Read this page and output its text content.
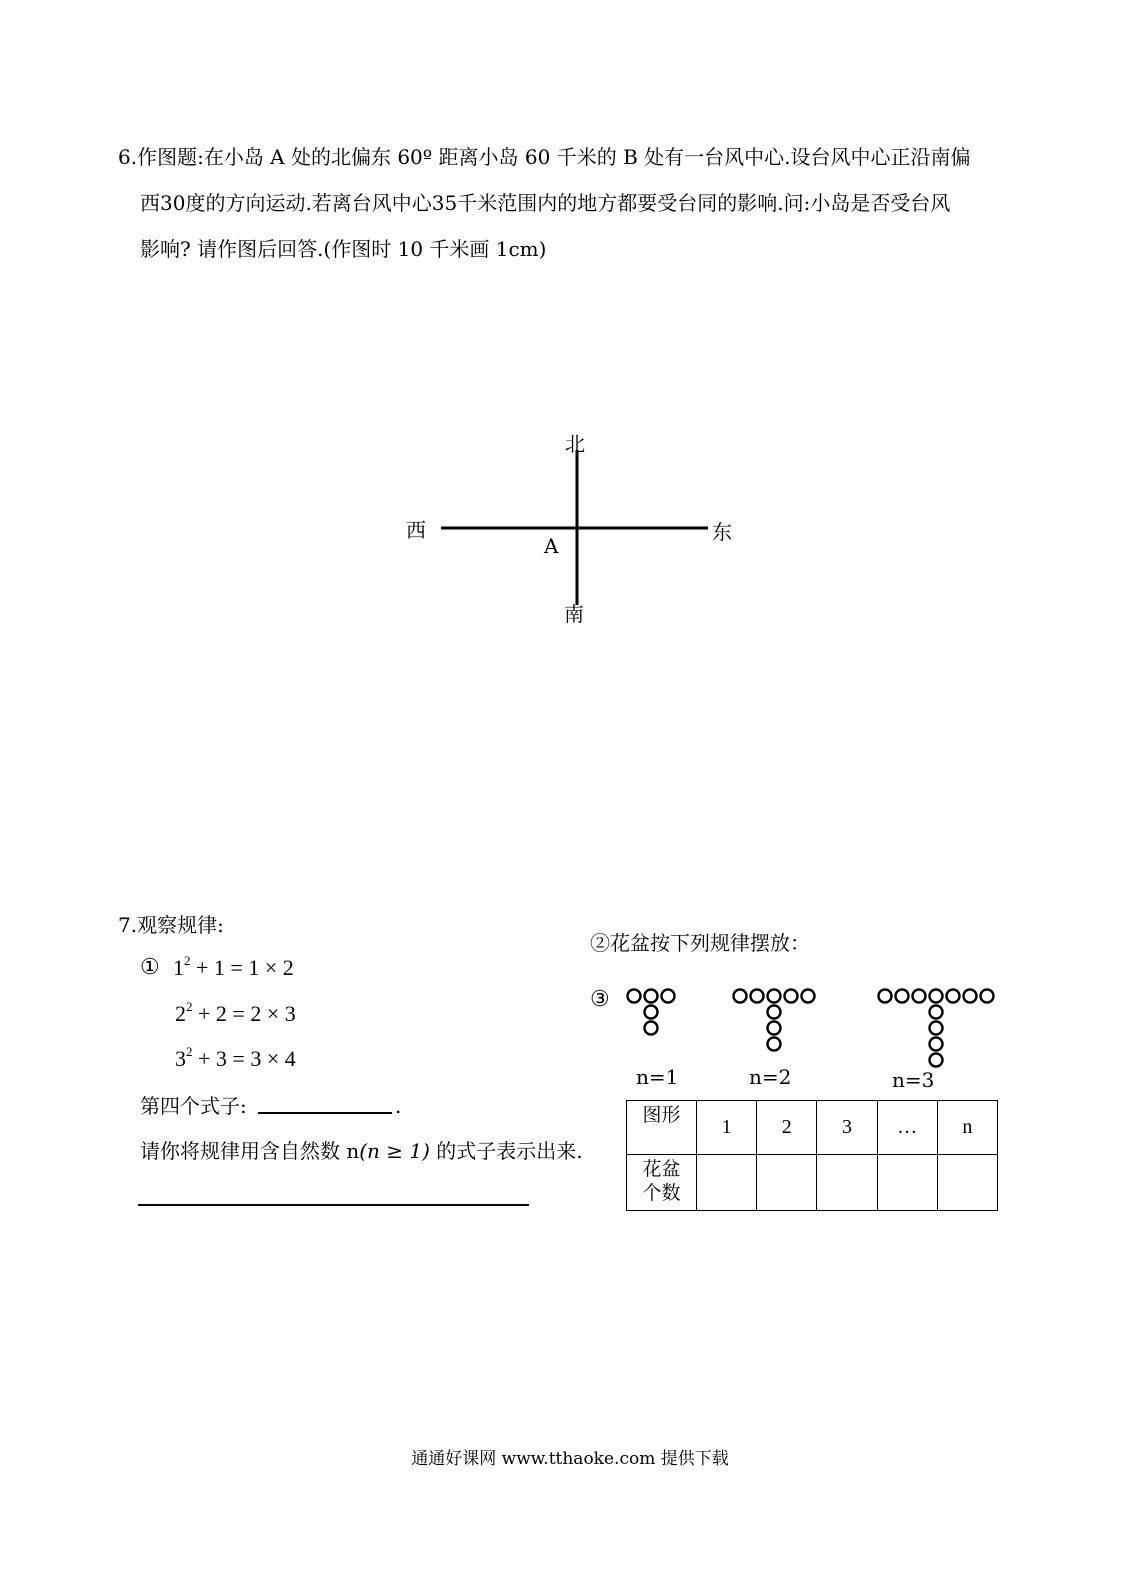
6.作图题:在小岛 A 处的北偏东 60º 距离小岛 60 千米的 B 处有一台风中心.设台风中心正沿南偏
西30度的方向运动.若离台风中心35千米范围内的地方都要受台同的影响.问:小岛是否受台风
影响? 请作图后回答.(作图时 10 千米画 1cm)
北
南
西	东
A
7.观察规律:
① $1^2 + 1 = 1 \times 2$
$2^2 + 2 = 2 \times 3$
$3^2 + 3 = 3 \times 4$
第四个式子:	.
请你将规律用含自然数 n(n ≥ 1) 的式子表示出来.
②花盆按下列规律摆放：
③
n=1	n=2	n=3
图形	1	2	3	…	n

花盆
个数					

通通好课网 www.tthaoke.com 提供下载
